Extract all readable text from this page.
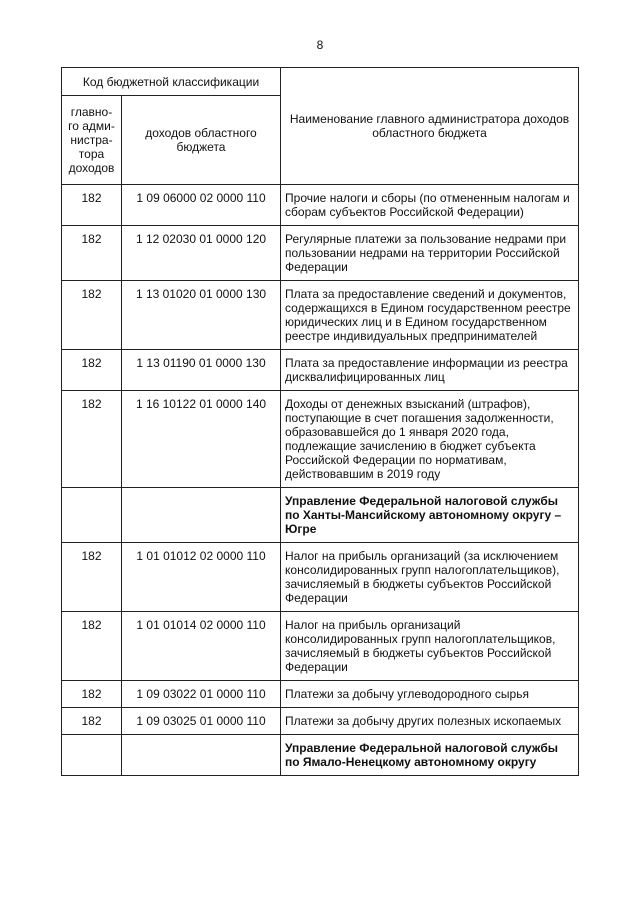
8
Код бюджетной классификации		Наименование главного администратора доходов областного бюджета

главно-
го адми-
нистра-
тора
доходов	доходов областного бюджета	
182	1 09 06000 02 0000 110	Прочие налоги и сборы (по отмененным налогам и сборам субъектов Российской Федерации)
182	1 12 02030 01 0000 120	Регулярные платежи за пользование недрами при пользовании недрами на территории Российской Федерации
182	1 13 01020 01 0000 130	Плата за предоставление сведений и документов, содержащихся в Едином государственном реестре юридических лиц и в Едином государственном реестре индивидуальных предпринимателей
182	1 13 01190 01 0000 130	Плата за предоставление информации из реестра дисквалифицированных лиц
182	1 16 10122 01 0000 140	Доходы от денежных взысканий (штрафов), поступающие в счет погашения задолженности, образовавшейся до 1 января 2020 года, подлежащие зачислению в бюджет субъекта Российской Федерации по нормативам, действовавшим в 2019 году
		Управление Федеральной налоговой службы по Ханты-Мансийскому автономному округу – Югре
182	1 01 01012 02 0000 110	Налог на прибыль организаций (за исключением консолидированных групп налогоплательщиков), зачисляемый в бюджеты субъектов Российской Федерации
182	1 01 01014 02 0000 110	Налог на прибыль организаций консолидированных групп налогоплательщиков, зачисляемый в бюджеты субъектов Российской Федерации
182	1 09 03022 01 0000 110	Платежи за добычу углеводородного сырья
182	1 09 03025 01 0000 110	Платежи за добычу других полезных ископаемых
		Управление Федеральной налоговой службы по Ямало-Ненецкому автономному округу
